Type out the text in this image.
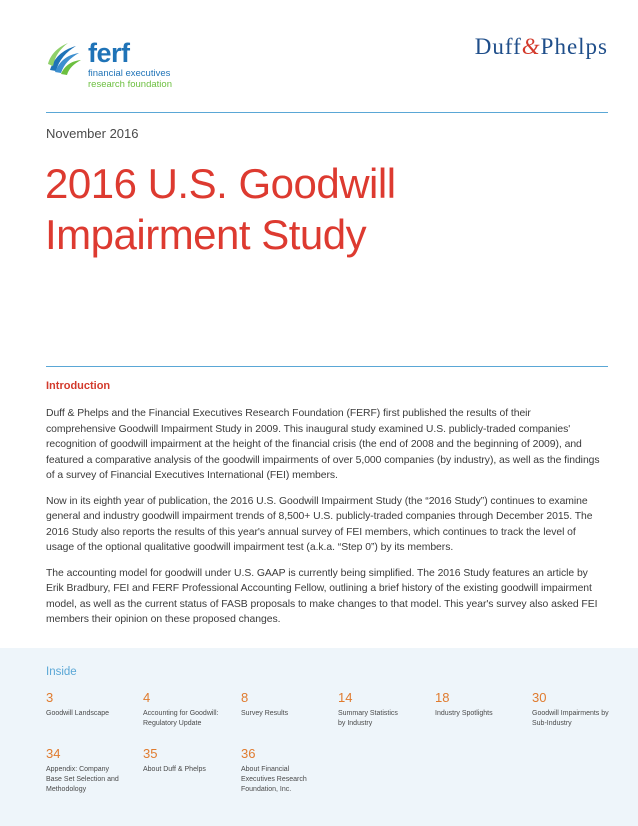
ferf
financial executives
research foundation
Duff&Phelps
November 2016
2016 U.S. Goodwill
Impairment Study
Introduction

Duff & Phelps and the Financial Executives Research Foundation (FERF) first published the results of their comprehensive Goodwill Impairment Study in 2009. This inaugural study examined U.S. publicly-traded companies' recognition of goodwill impairment at the height of the financial crisis (the end of 2008 and the beginning of 2009), and featured a comparative analysis of the goodwill impairments of over 5,000 companies (by industry), as well as the findings of a survey of Financial Executives International (FEI) members.

Now in its eighth year of publication, the 2016 U.S. Goodwill Impairment Study (the “2016 Study”) continues to examine general and industry goodwill impairment trends of 8,500+ U.S. publicly-traded companies through December 2015. The 2016 Study also reports the results of this year's annual survey of FEI members, which continues to track the level of usage of the optional qualitative goodwill impairment test (a.k.a. “Step 0”) by its members.

The accounting model for goodwill under U.S. GAAP is currently being simplified. The 2016 Study features an article by Erik Bradbury, FEI and FERF Professional Accounting Fellow, outlining a brief history of the existing goodwill impairment model, as well as the current status of FASB proposals to make changes to that model. This year's survey also asked FEI members their opinion on these proposed changes.

Inside
3
Goodwill Landscape
4
Accounting for Goodwill: Regulatory Update
8
Survey Results
14
Summary Statistics by Industry
18
Industry Spotlights
30
Goodwill Impairments by Sub-Industry
34
Appendix: Company Base Set Selection and Methodology
35
About Duff & Phelps
36
About Financial Executives Research Foundation, Inc.
